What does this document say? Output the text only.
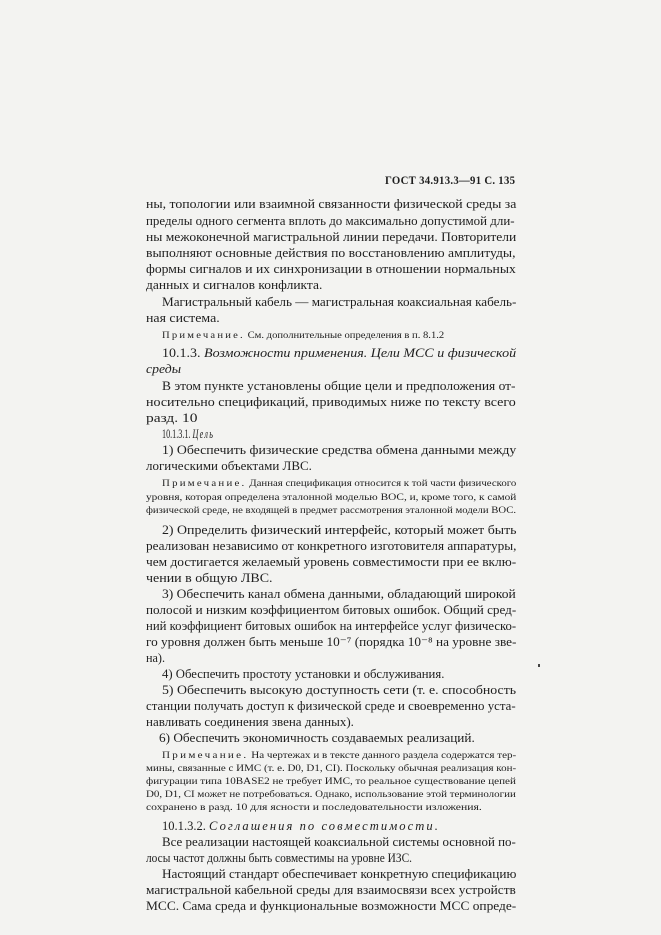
ГОСТ 34.913.3—91 С. 135
ны, топологии или взаимной связанности физической среды за
пределы одного сегмента вплоть до максимально допустимой дли-
ны межоконечной магистральной линии передачи. Повторители
выполняют основные действия по восстановлению амплитуды,
формы сигналов и их синхронизации в отношении нормальных
данных и сигналов конфликта.
Магистральный кабель — магистральная коаксиальная кабель-
ная система.
Примечание. См. дополнительные определения в п. 8.1.2
10.1.3. Возможности применения. Цели МСС и физической
среды
В этом пункте установлены общие цели и предположения от-
носительно спецификаций, приводимых ниже по тексту всего
разд. 10
10.1.3.1. Цель
1) Обеспечить физические средства обмена данными между
логическими объектами ЛВС.
Примечание. Данная спецификация относится к той части физического
уровня, которая определена эталонной моделью ВОС, и, кроме того, к самой
физической среде, не входящей в предмет рассмотрения эталонной модели ВОС.
2) Определить физический интерфейс, который может быть
реализован независимо от конкретного изготовителя аппаратуры,
чем достигается желаемый уровень совместимости при ее вклю-
чении в общую ЛВС.
3) Обеспечить канал обмена данными, обладающий широкой
полосой и низким коэффициентом битовых ошибок. Общий сред-
ний коэффициент битовых ошибок на интерфейсе услуг физическо-
го уровня должен быть меньше 10⁻⁷ (порядка 10⁻⁸ на уровне зве-
на).
4) Обеспечить простоту установки и обслуживания.
5) Обеспечить высокую доступность сети (т. е. способность
станции получать доступ к физической среде и своевременно уста-
навливать соединения звена данных).
6) Обеспечить экономичность создаваемых реализаций.
Примечание. На чертежах и в тексте данного раздела содержатся тер-
мины, связанные с ИМС (т. е. D0, D1, CI). Поскольку обычная реализация кон-
фигурации типа 10BASE2 не требует ИМС, то реальное существование цепей
D0, D1, CI может не потребоваться. Однако, использование этой терминологии
сохранено в разд. 10 для ясности и последовательности изложения.
10.1.3.2. Соглашения по совместимости.
Все реализации настоящей коаксиальной системы основной по-
лосы частот должны быть совместимы на уровне ИЗС.
Настоящий стандарт обеспечивает конкретную спецификацию
магистральной кабельной среды для взаимосвязи всех устройств
МСС. Сама среда и функциональные возможности МСС опреде-
